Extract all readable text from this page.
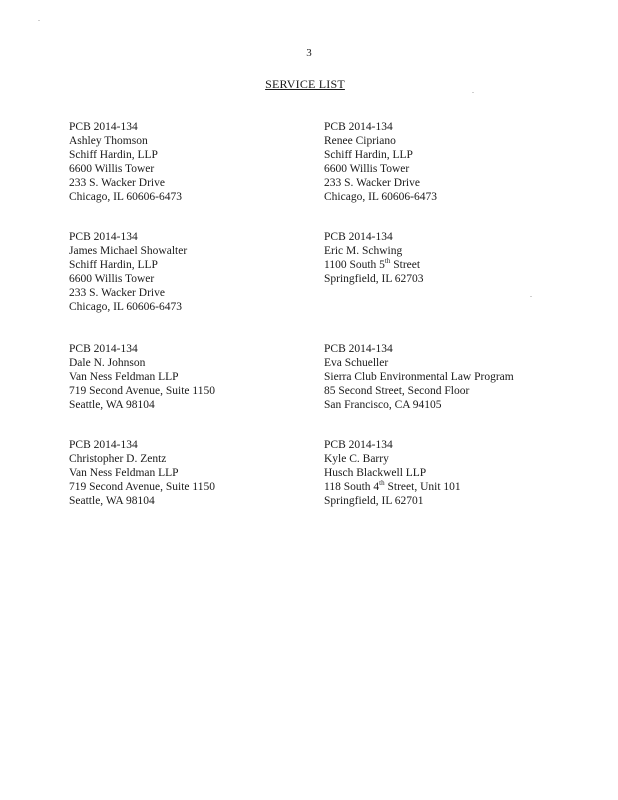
3
SERVICE LIST
PCB 2014-134
Ashley Thomson
Schiff Hardin, LLP
6600 Willis Tower
233 S. Wacker Drive
Chicago, IL 60606-6473
PCB 2014-134
Renee Cipriano
Schiff Hardin, LLP
6600 Willis Tower
233 S. Wacker Drive
Chicago, IL 60606-6473
PCB 2014-134
James Michael Showalter
Schiff Hardin, LLP
6600 Willis Tower
233 S. Wacker Drive
Chicago, IL 60606-6473
PCB 2014-134
Eric M. Schwing
1100 South 5th Street
Springfield, IL 62703
PCB 2014-134
Dale N. Johnson
Van Ness Feldman LLP
719 Second Avenue, Suite 1150
Seattle, WA 98104
PCB 2014-134
Eva Schueller
Sierra Club Environmental Law Program
85 Second Street, Second Floor
San Francisco, CA 94105
PCB 2014-134
Christopher D. Zentz
Van Ness Feldman LLP
719 Second Avenue, Suite 1150
Seattle, WA 98104
PCB 2014-134
Kyle C. Barry
Husch Blackwell LLP
118 South 4th Street, Unit 101
Springfield, IL 62701
